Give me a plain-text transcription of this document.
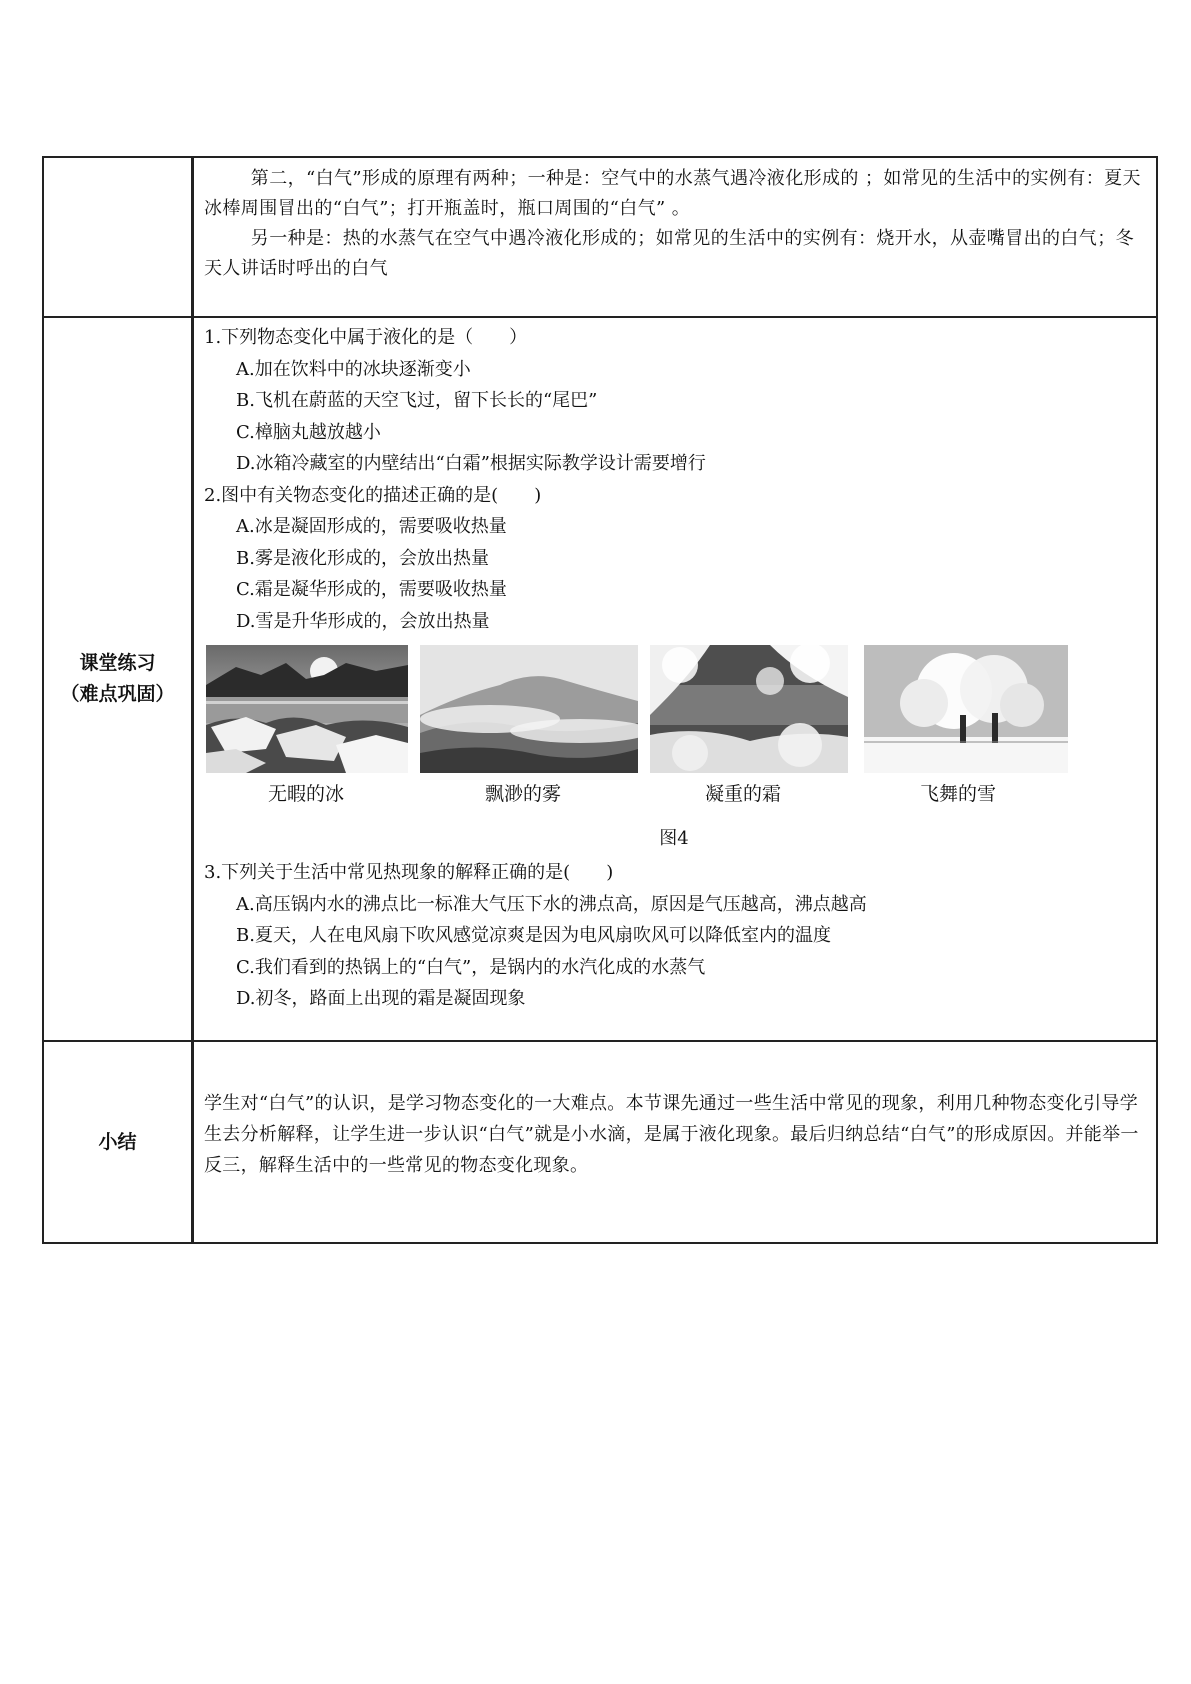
第二，“白气”形成的原理有两种；一种是：空气中的水蒸气遇冷液化形成的 ；如常见的生活中的实例有：夏天冰棒周围冒出的“白气”；打开瓶盖时，瓶口周围的“白气” 。

另一种是：热的水蒸气在空气中遇冷液化形成的；如常见的生活中的实例有：烧开水，从壶嘴冒出的白气；冬天人讲话时呼出的白气

课堂练习
（难点巩固）
1.下列物态变化中属于液化的是（　　）
A.加在饮料中的冰块逐渐变小
B.飞机在蔚蓝的天空飞过，留下长长的“尾巴”
C.樟脑丸越放越小
D.冰箱冷藏室的内壁结出“白霜”根据实际教学设计需要增行
2.图中有关物态变化的描述正确的是(　　)
A.冰是凝固形成的，需要吸收热量
B.雾是液化形成的，会放出热量
C.霜是凝华形成的，需要吸收热量
D.雪是升华形成的，会放出热量
无暇的冰	飘渺的雾	凝重的霜	飞舞的雪
图4
3.下列关于生活中常见热现象的解释正确的是(　　)
A.高压锅内水的沸点比一标准大气压下水的沸点高，原因是气压越高，沸点越高
B.夏天，人在电风扇下吹风感觉凉爽是因为电风扇吹风可以降低室内的温度
C.我们看到的热锅上的“白气”，是锅内的水汽化成的水蒸气
D.初冬，路面上出现的霜是凝固现象
小结

学生对“白气”的认识，是学习物态变化的一大难点。本节课先通过一些生活中常见的现象，利用几种物态变化引导学生去分析解释，让学生进一步认识“白气”就是小水滴，是属于液化现象。最后归纳总结“白气”的形成原因。并能举一反三，解释生活中的一些常见的物态变化现象。
